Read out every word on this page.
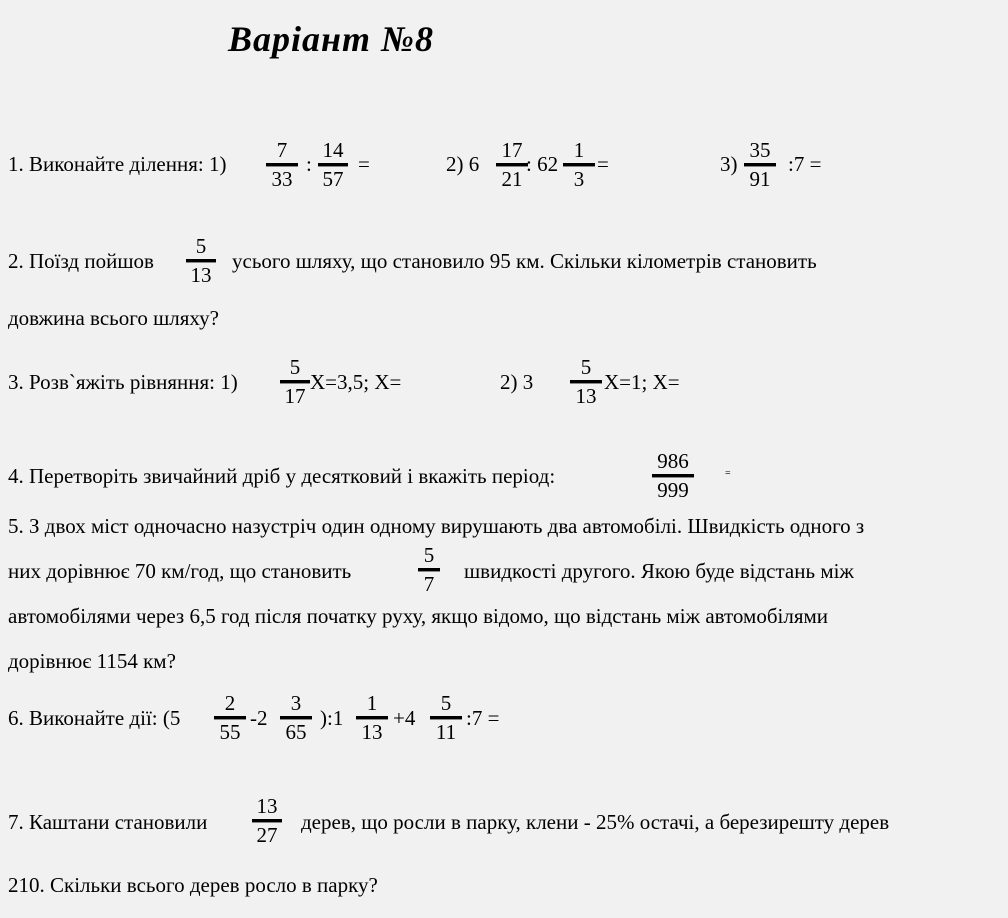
Варіант №8
1. Виконайте ділення: 1)
7
33
:
14
57
=	2) 6
17
21
: 62
1
3
=	3)
35
91
:7 =
2. Поїзд пойшов
5
13
усього шляху, що становило 95 км. Скільки кілометрів становить
довжина всього шляху?
3. Розв`яжіть рівняння: 1)
5
17
X=3,5; X=	2) 3
5
13
X=1; X=
4. Перетворіть звичайний дріб у десятковий і вкажіть період:
986
999
=
5. З двох міст одночасно назустріч один одному вирушають два автомобілі. Швидкість одного з
них дорівнює 70 км/год, що становить
5
7
швидкості другого. Якою буде відстань між
автомобілями через 6,5 год після початку руху, якщо відомо, що відстань між автомобілями
дорівнює 1154 км?
6. Виконайте дії: (5
2
55
-2
3
65
):1
1
13
+4
5
11
:7 =
7. Каштани становили
13
27
дерев, що росли в парку, клени - 25% остачі, а березирешту дерев
210. Скільки всього дерев росло в парку?
